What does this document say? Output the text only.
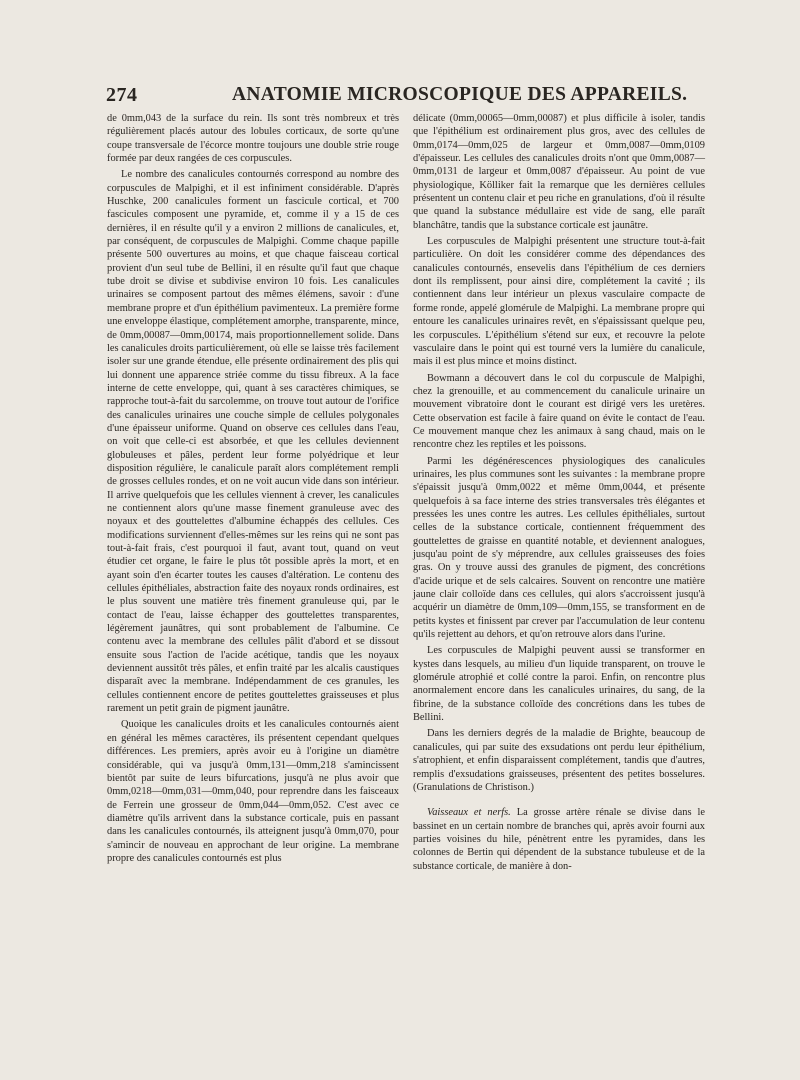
274	ANATOMIE MICROSCOPIQUE DES APPAREILS.

de 0mm,043 de la surface du rein. Ils sont très nombreux et très régulièrement placés autour des lobules corticaux, de sorte qu'une coupe transversale de l'écorce montre toujours une double strie rouge formée par deux rangées de ces corpuscules.

Le nombre des canalicules contournés correspond au nombre des corpuscules de Malpighi, et il est infiniment considérable. D'après Huschke, 200 canalicules forment un fascicule cortical, et 700 fascicules composent une pyramide, et, comme il y a 15 de ces dernières, il en résulte qu'il y a environ 2 millions de canalicules, et, par conséquent, de corpuscules de Malpighi. Comme chaque papille présente 500 ouvertures au moins, et que chaque faisceau cortical provient d'un seul tube de Bellini, il en résulte qu'il faut que chaque tube droit se divise et subdivise environ 10 fois. Les canalicules urinaires se composent partout des mêmes élémens, savoir : d'une membrane propre et d'un épithélium pavimenteux. La première forme une enveloppe élastique, complétement amorphe, transparente, mince, de 0mm,00087—0mm,00174, mais proportionnellement solide. Dans les canalicules droits particulièrement, où elle se laisse très facilement isoler sur une grande étendue, elle présente ordinairement des plis qui lui donnent une apparence striée comme du tissu fibreux. A la face interne de cette enveloppe, qui, quant à ses caractères chimiques, se rapproche tout-à-fait du sarcolemme, on trouve tout autour de l'orifice des canalicules urinaires une couche simple de cellules polygonales d'une épaisseur uniforme. Quand on observe ces cellules dans l'eau, on voit que celle-ci est absorbée, et que les cellules deviennent globuleuses et pâles, perdent leur forme polyédrique et leur disposition régulière, le canalicule paraît alors complétement rempli de grosses cellules rondes, et on ne voit aucun vide dans son intérieur. Il arrive quelquefois que les cellules viennent à crever, les canalicules ne contiennent alors qu'une masse finement granuleuse avec des noyaux et des gouttelettes d'albumine échappés des cellules. Ces modifications surviennent d'elles-mêmes sur les reins qui ne sont pas tout-à-fait frais, c'est pourquoi il faut, avant tout, quand on veut étudier cet organe, le faire le plus tôt possible après la mort, et en ayant soin d'en écarter toutes les causes d'altération. Le contenu des cellules épithéliales, abstraction faite des noyaux ronds ordinaires, est le plus souvent une matière très finement granuleuse qui, par le contact de l'eau, laisse échapper des gouttelettes transparentes, légèrement jaunâtres, qui sont probablement de l'albumine. Ce contenu avec la membrane des cellules pâlit d'abord et se dissout ensuite sous l'action de l'acide acétique, tandis que les noyaux deviennent aussitôt très pâles, et enfin traité par les alcalis caustiques disparaît avec la membrane. Indépendamment de ces granules, les cellules contiennent encore de petites gouttelettes graisseuses et plus rarement un petit grain de pigment jaunâtre.

Quoique les canalicules droits et les canalicules contournés aient en général les mêmes caractères, ils présentent cependant quelques différences. Les premiers, après avoir eu à l'origine un diamètre considérable, qui va jusqu'à 0mm,131—0mm,218 s'amincissent bientôt par suite de leurs bifurcations, jusqu'à ne plus avoir que 0mm,0218—0mm,031—0mm,040, pour reprendre dans les faisceaux de Ferrein une grosseur de 0mm,044—0mm,052. C'est avec ce diamètre qu'ils arrivent dans la substance corticale, puis en passant dans les canalicules contournés, ils atteignent jusqu'à 0mm,070, pour s'amincir de nouveau en approchant de leur origine. La membrane propre des canalicules contournés est plus

délicate (0mm,00065—0mm,00087) et plus difficile à isoler, tandis que l'épithélium est ordinairement plus gros, avec des cellules de 0mm,0174—0mm,025 de largeur et 0mm,0087—0mm,0109 d'épaisseur. Les cellules des canalicules droits n'ont que 0mm,0087—0mm,0131 de largeur et 0mm,0087 d'épaisseur. Au point de vue physiologique, Kölliker fait la remarque que les dernières cellules présentent un contenu clair et peu riche en granulations, d'où il résulte que quand la substance médullaire est vide de sang, elle paraît blanchâtre, tandis que la substance corticale est jaunâtre.

Les corpuscules de Malpighi présentent une structure tout-à-fait particulière. On doit les considérer comme des dépendances des canalicules contournés, ensevelis dans l'épithélium de ces derniers dont ils remplissent, pour ainsi dire, complétement la cavité ; ils contiennent dans leur intérieur un plexus vasculaire compacte de forme ronde, appelé glomérule de Malpighi. La membrane propre qui entoure les canalicules urinaires revêt, en s'épaississant quelque peu, les corpuscules. L'épithélium s'étend sur eux, et recouvre la pelote vasculaire dans le point qui est tourné vers la lumière du canalicule, mais il est plus mince et moins distinct.

Bowmann a découvert dans le col du corpuscule de Malpighi, chez la grenouille, et au commencement du canalicule urinaire un mouvement vibratoire dont le courant est dirigé vers les uretères. Cette observation est facile à faire quand on évite le contact de l'eau. Ce mouvement manque chez les animaux à sang chaud, mais on le rencontre chez les reptiles et les poissons.

Parmi les dégénérescences physiologiques des canalicules urinaires, les plus communes sont les suivantes : la membrane propre s'épaissit jusqu'à 0mm,0022 et même 0mm,0044, et présente quelquefois à sa face interne des stries transversales très élégantes et pressées les unes contre les autres. Les cellules épithéliales, surtout celles de la substance corticale, contiennent fréquemment des gouttelettes de graisse en quantité notable, et deviennent analogues, jusqu'au point de s'y méprendre, aux cellules graisseuses des foies gras. On y trouve aussi des granules de pigment, des concrétions d'acide urique et de sels calcaires. Souvent on rencontre une matière jaune clair colloïde dans ces cellules, qui alors s'accroissent jusqu'à acquérir un diamètre de 0mm,109—0mm,155, se transforment en de petits kystes et finissent par crever par l'accumulation de leur contenu qu'ils rejettent au dehors, et qu'on retrouve alors dans l'urine.

Les corpuscules de Malpighi peuvent aussi se transformer en kystes dans lesquels, au milieu d'un liquide transparent, on trouve le glomérule atrophié et collé contre la paroi. Enfin, on rencontre plus anormalement encore dans les canalicules urinaires, du sang, de la fibrine, de la substance colloïde des concrétions dans les tubes de Bellini.

Dans les derniers degrés de la maladie de Brighte, beaucoup de canalicules, qui par suite des exsudations ont perdu leur épithélium, s'atrophient, et enfin disparaissent complétement, tandis que d'autres, remplis d'exsudations graisseuses, présentent des petites bosselures. (Granulations de Christison.)

Vaisseaux et nerfs. La grosse artère rénale se divise dans le bassinet en un certain nombre de branches qui, après avoir fourni aux parties voisines du hile, pénètrent entre les pyramides, dans les colonnes de Bertin qui dépendent de la substance tubuleuse et de la substance corticale, de manière à don-
